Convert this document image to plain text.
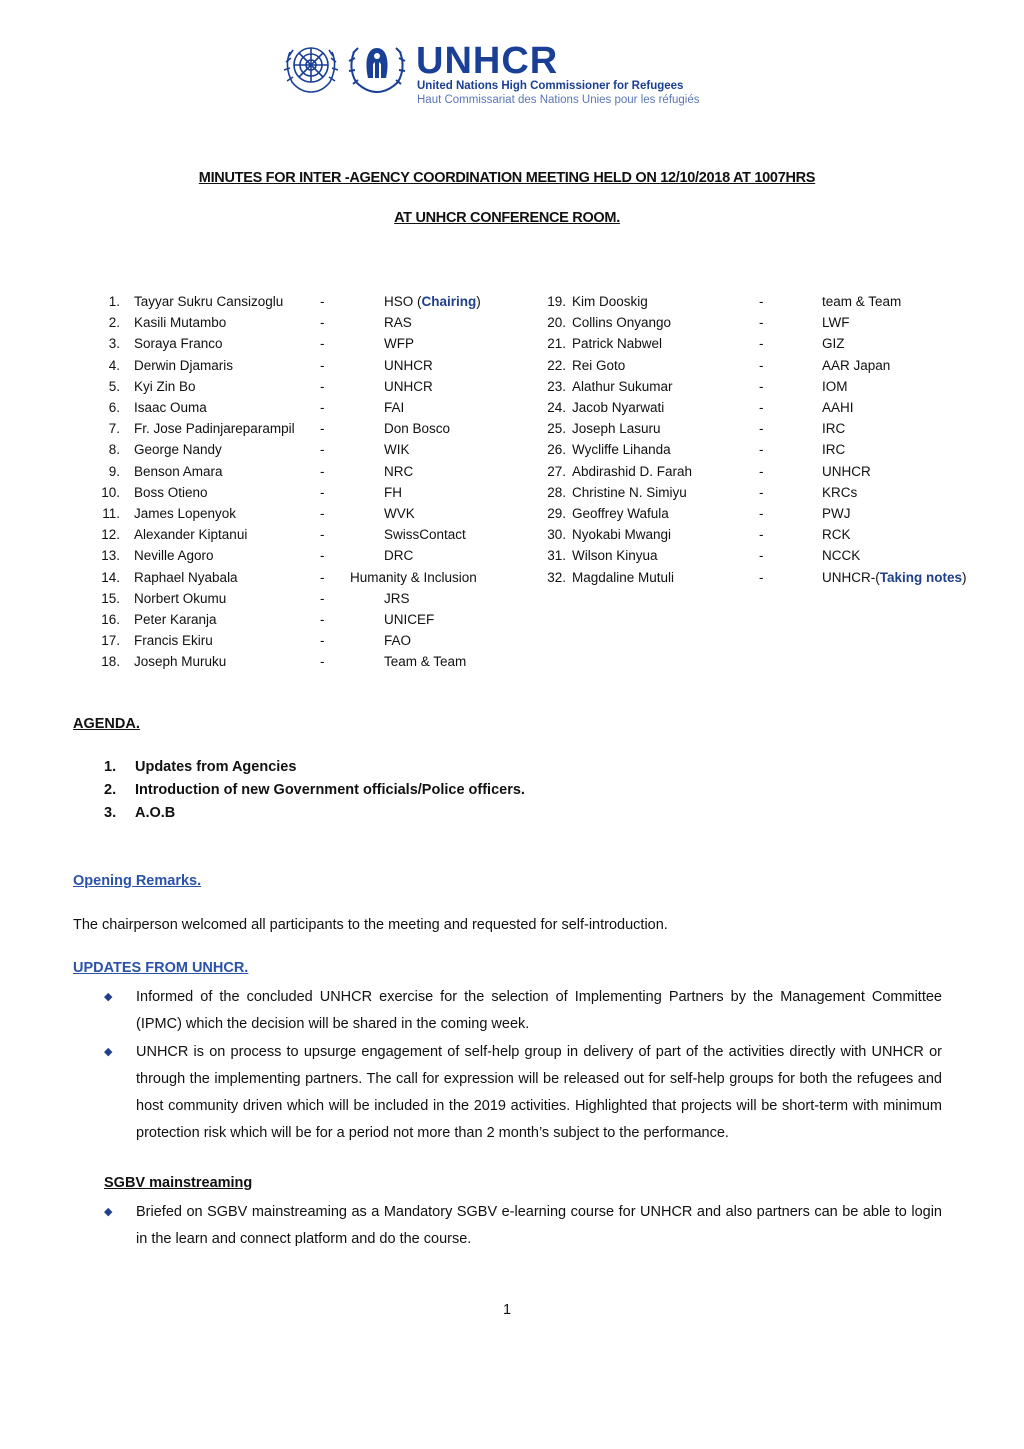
UNHCR
United Nations High Commissioner for Refugees
Haut Commissariat des Nations Unies pour les réfugiés
MINUTES FOR INTER -AGENCY COORDINATION MEETING HELD ON 12/10/2018 AT 1007HRS
AT UNHCR CONFERENCE ROOM.
1. Tayyar Sukru Cansizoglu	-	HSO (Chairing)
2. Kasili Mutambo	-	RAS
3. Soraya Franco	-	WFP
4. Derwin Djamaris	-	UNHCR
5. Kyi Zin Bo	-	UNHCR
6. Isaac Ouma	-	FAI
7. Fr. Jose Padinjareparampil -	Don Bosco
8. George Nandy	-	WIK
9. Benson Amara	-	NRC
10. Boss Otieno	-	FH
11. James Lopenyok	-	WVK
12. Alexander Kiptanui	-	SwissContact
13. Neville Agoro	-	DRC
14. Raphael Nyabala	- Humanity & Inclusion
15. Norbert Okumu	-	JRS
16. Peter Karanja	-	UNICEF
17. Francis Ekiru	-	FAO
18. Joseph Muruku	-	Team & Team
19. Kim Dooskig	-	team & Team
20. Collins Onyango	-	LWF
21. Patrick Nabwel	-	GIZ
22. Rei Goto	-	AAR Japan
23. Alathur Sukumar	-	IOM
24. Jacob Nyarwati	-	AAHI
25. Joseph Lasuru	-	IRC
26. Wycliffe Lihanda	-	IRC
27. Abdirashid D. Farah	-	UNHCR
28. Christine N. Simiyu	-	KRCs
29. Geoffrey Wafula	-	PWJ
30. Nyokabi Mwangi	-	RCK
31. Wilson Kinyua	-	NCCK
32. Magdaline Mutuli	-	UNHCR-(Taking notes)
AGENDA.
1. Updates from Agencies
2. Introduction of new Government officials/Police officers.
3. A.O.B
Opening Remarks.
The chairperson welcomed all participants to the meeting and requested for self-introduction.
UPDATES FROM UNHCR.
◆ Informed of the concluded UNHCR exercise for the selection of Implementing Partners by the Management Committee (IPMC) which the decision will be shared in the coming week.
◆ UNHCR is on process to upsurge engagement of self-help group in delivery of part of the activities directly with UNHCR or through the implementing partners. The call for expression will be released out for self-help groups for both the refugees and host community driven which will be included in the 2019 activities. Highlighted that projects will be short-term with minimum protection risk which will be for a period not more than 2 month’s subject to the performance.
SGBV mainstreaming
◆ Briefed on SGBV mainstreaming as a Mandatory SGBV e-learning course for UNHCR and also partners can be able to login in the learn and connect platform and do the course.
1
